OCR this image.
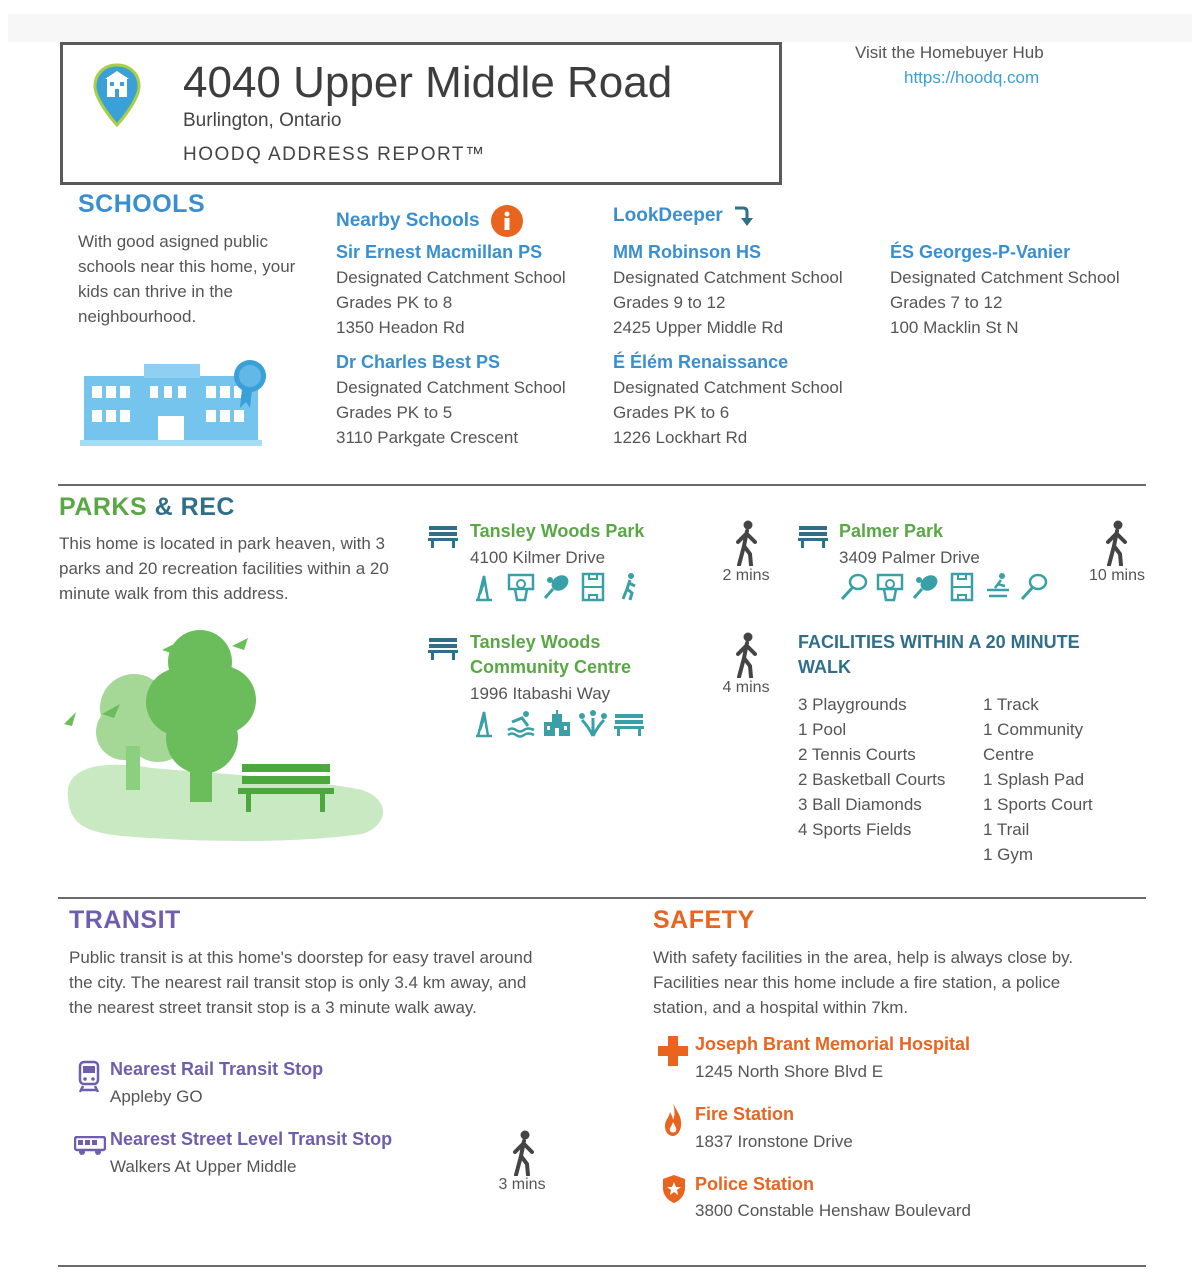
4040 Upper Middle Road
Burlington, Ontario
HOODQ ADDRESS REPORT™
Visit the Homebuyer Hub
https://hoodq.com
SCHOOLS
With good asigned public schools near this home, your kids can thrive in the neighbourhood.
Nearby Schools	LookDeeper
Sir Ernest Macmillan PS
Designated Catchment School
Grades PK to 8
1350 Headon Rd
MM Robinson HS
Designated Catchment School
Grades 9 to 12
2425 Upper Middle Rd
ÉS Georges-P-Vanier
Designated Catchment School
Grades 7 to 12
100 Macklin St N
Dr Charles Best PS
Designated Catchment School
Grades PK to 5
3110 Parkgate Crescent
É Élém Renaissance
Designated Catchment School
Grades PK to 6
1226 Lockhart Rd
PARKS & REC
This home is located in park heaven, with 3 parks and 20 recreation facilities within a 20 minute walk from this address.
Tansley Woods Park
4100 Kilmer Drive
2 mins
Palmer Park
3409 Palmer Drive
10 mins
Tansley Woods
Community Centre
1996 Itabashi Way	4 mins
FACILITIES WITHIN A 20 MINUTE
WALK
3 Playgrounds
1 Pool
2 Tennis Courts
2 Basketball Courts
3 Ball Diamonds
4 Sports Fields
1 Track
1 Community
Centre
1 Splash Pad
1 Sports Court
1 Trail
1 Gym
TRANSIT
Public transit is at this home's doorstep for easy travel around the city. The nearest rail transit stop is only 3.4 km away, and the nearest street transit stop is a 3 minute walk away.
Nearest Rail Transit Stop
Appleby GO
Nearest Street Level Transit Stop
Walkers At Upper Middle
3 mins
SAFETY
With safety facilities in the area, help is always close by. Facilities near this home include a fire station, a police station, and a hospital within 7km.
Joseph Brant Memorial Hospital
1245 North Shore Blvd E
Fire Station
1837 Ironstone Drive
Police Station
3800 Constable Henshaw Boulevard
